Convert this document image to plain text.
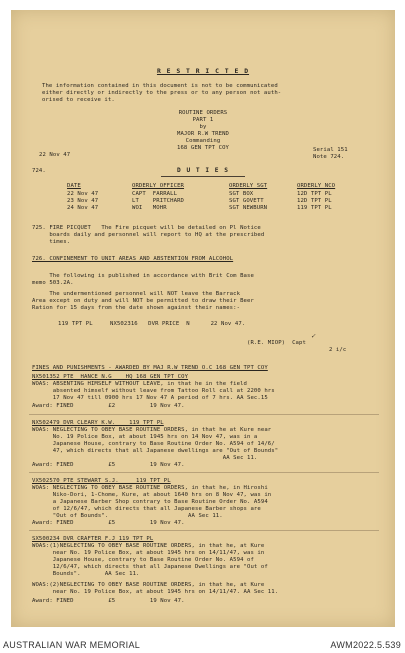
R E S T R I C T E D
The information contained in this document is not to be communicated
either directly or indirectly to the press or to any person not auth-
orised to receive it.
ROUTINE ORDERS
PART 1
by
MAJOR R.W TREND
Commanding
168 GEN TPT COY
22 Nov 47
Serial 151
Note 724.
D U T I E S
724.
DATE	ORDERLY OFFICER	ORDERLY SGT	ORDERLY NCO
22 Nov 47	CAPT  FARRALL	SGT BOX	12D TPT PL
23 Nov 47	LT    PRITCHARD	SGT GOVETT	12D TPT PL
24 Nov 47	WOI   MOHR	SGT NEWBURN	119 TPT PL
725. FIRE PICQUET   The Fire picquet will be detailed on Pl Notice
boards daily and personnel will report to HQ at the prescribed
times.
726. CONFINEMENT TO UNIT AREAS AND ABSTENTION FROM ALCOHOL
The following is published in accordance with Brit Com Base
memo 503.2A.
The undermentioned personnel will NOT leave the Barrack
Area except on duty and will NOT be permitted to draw their Beer
Ration for 15 days from the date shown against their names:-
119 TPT PL     NX502316   DVR PRICE  N      22 Nov 47.
✓
(R.E. MIOP)  Capt
2 i/c
FINES AND PUNISHMENTS - AWARDED BY MAJ R.W TREND O.C 168 GEN TPT COY
NX501352 PTE  HANCE N.G    HQ 168 GEN TPT COY
WOAS: ABSENTING HIMSELF WITHOUT LEAVE, in that he in the field
absented himself without leave from Tattoo Roll call at 2200 hrs
17 Nov 47 till 0900 hrs 17 Nov 47 A period of 7 hrs. AA Sec.15
Award: FINED          £2          19 Nov 47.
NX502479 DVR CLEARY K.W.    119 TPT PL
WOAS: NEGLECTING TO OBEY BASE ROUTINE ORDERS, in that he at Kure near
No. 19 Police Box, at about 1945 hrs on 14 Nov 47, was in a
Japanese House, contrary to Base Routine Order No. A594 of 14/6/
47, which directs that all Japanese dwellings are "Out of Bounds"
AA Sec 11.
Award: FINED          £5          19 Nov 47.
VX502570 PTE STEWART S.J.     119 TPT PL
WOAS: NEGLECTING TO OBEY BASE ROUTINE ORDERS, in that he, in Hiroshi
Niko-Dori, 1-Chome, Kure, at about 1640 hrs on 8 Nov 47, was in
a Japanese Barber Shop contrary to Base Routine Order No. A594
of 12/6/47, which directs that all Japanese Barber shops are
"Out of Bounds".                       AA Sec 11.
Award: FINED          £5          19 Nov 47.
SX500234 DVR CRAFTER F.J 119 TPT PL
WOAS:(1)NEGLECTING TO OBEY BASE ROUTINE ORDERS, in that he, at Kure
near No. 19 Police Box, at about 1945 hrs on 14/11/47, was in
Japanese House, contrary to Base Routine Order No. A594 of
12/6/47, which directs that all Japanese Dwellings are "Out of
Bounds".       AA Sec 11.
WOAS:(2)NEGLECTING TO OBEY BASE ROUTINE ORDERS, in that he, at Kure
near No. 19 Police Box, at about 1945 hrs on 14/11/47. AA Sec 11.
Award: FINED          £5          19 Nov 47.
AUSTRALIAN WAR MEMORIAL	AWM2022.5.539
